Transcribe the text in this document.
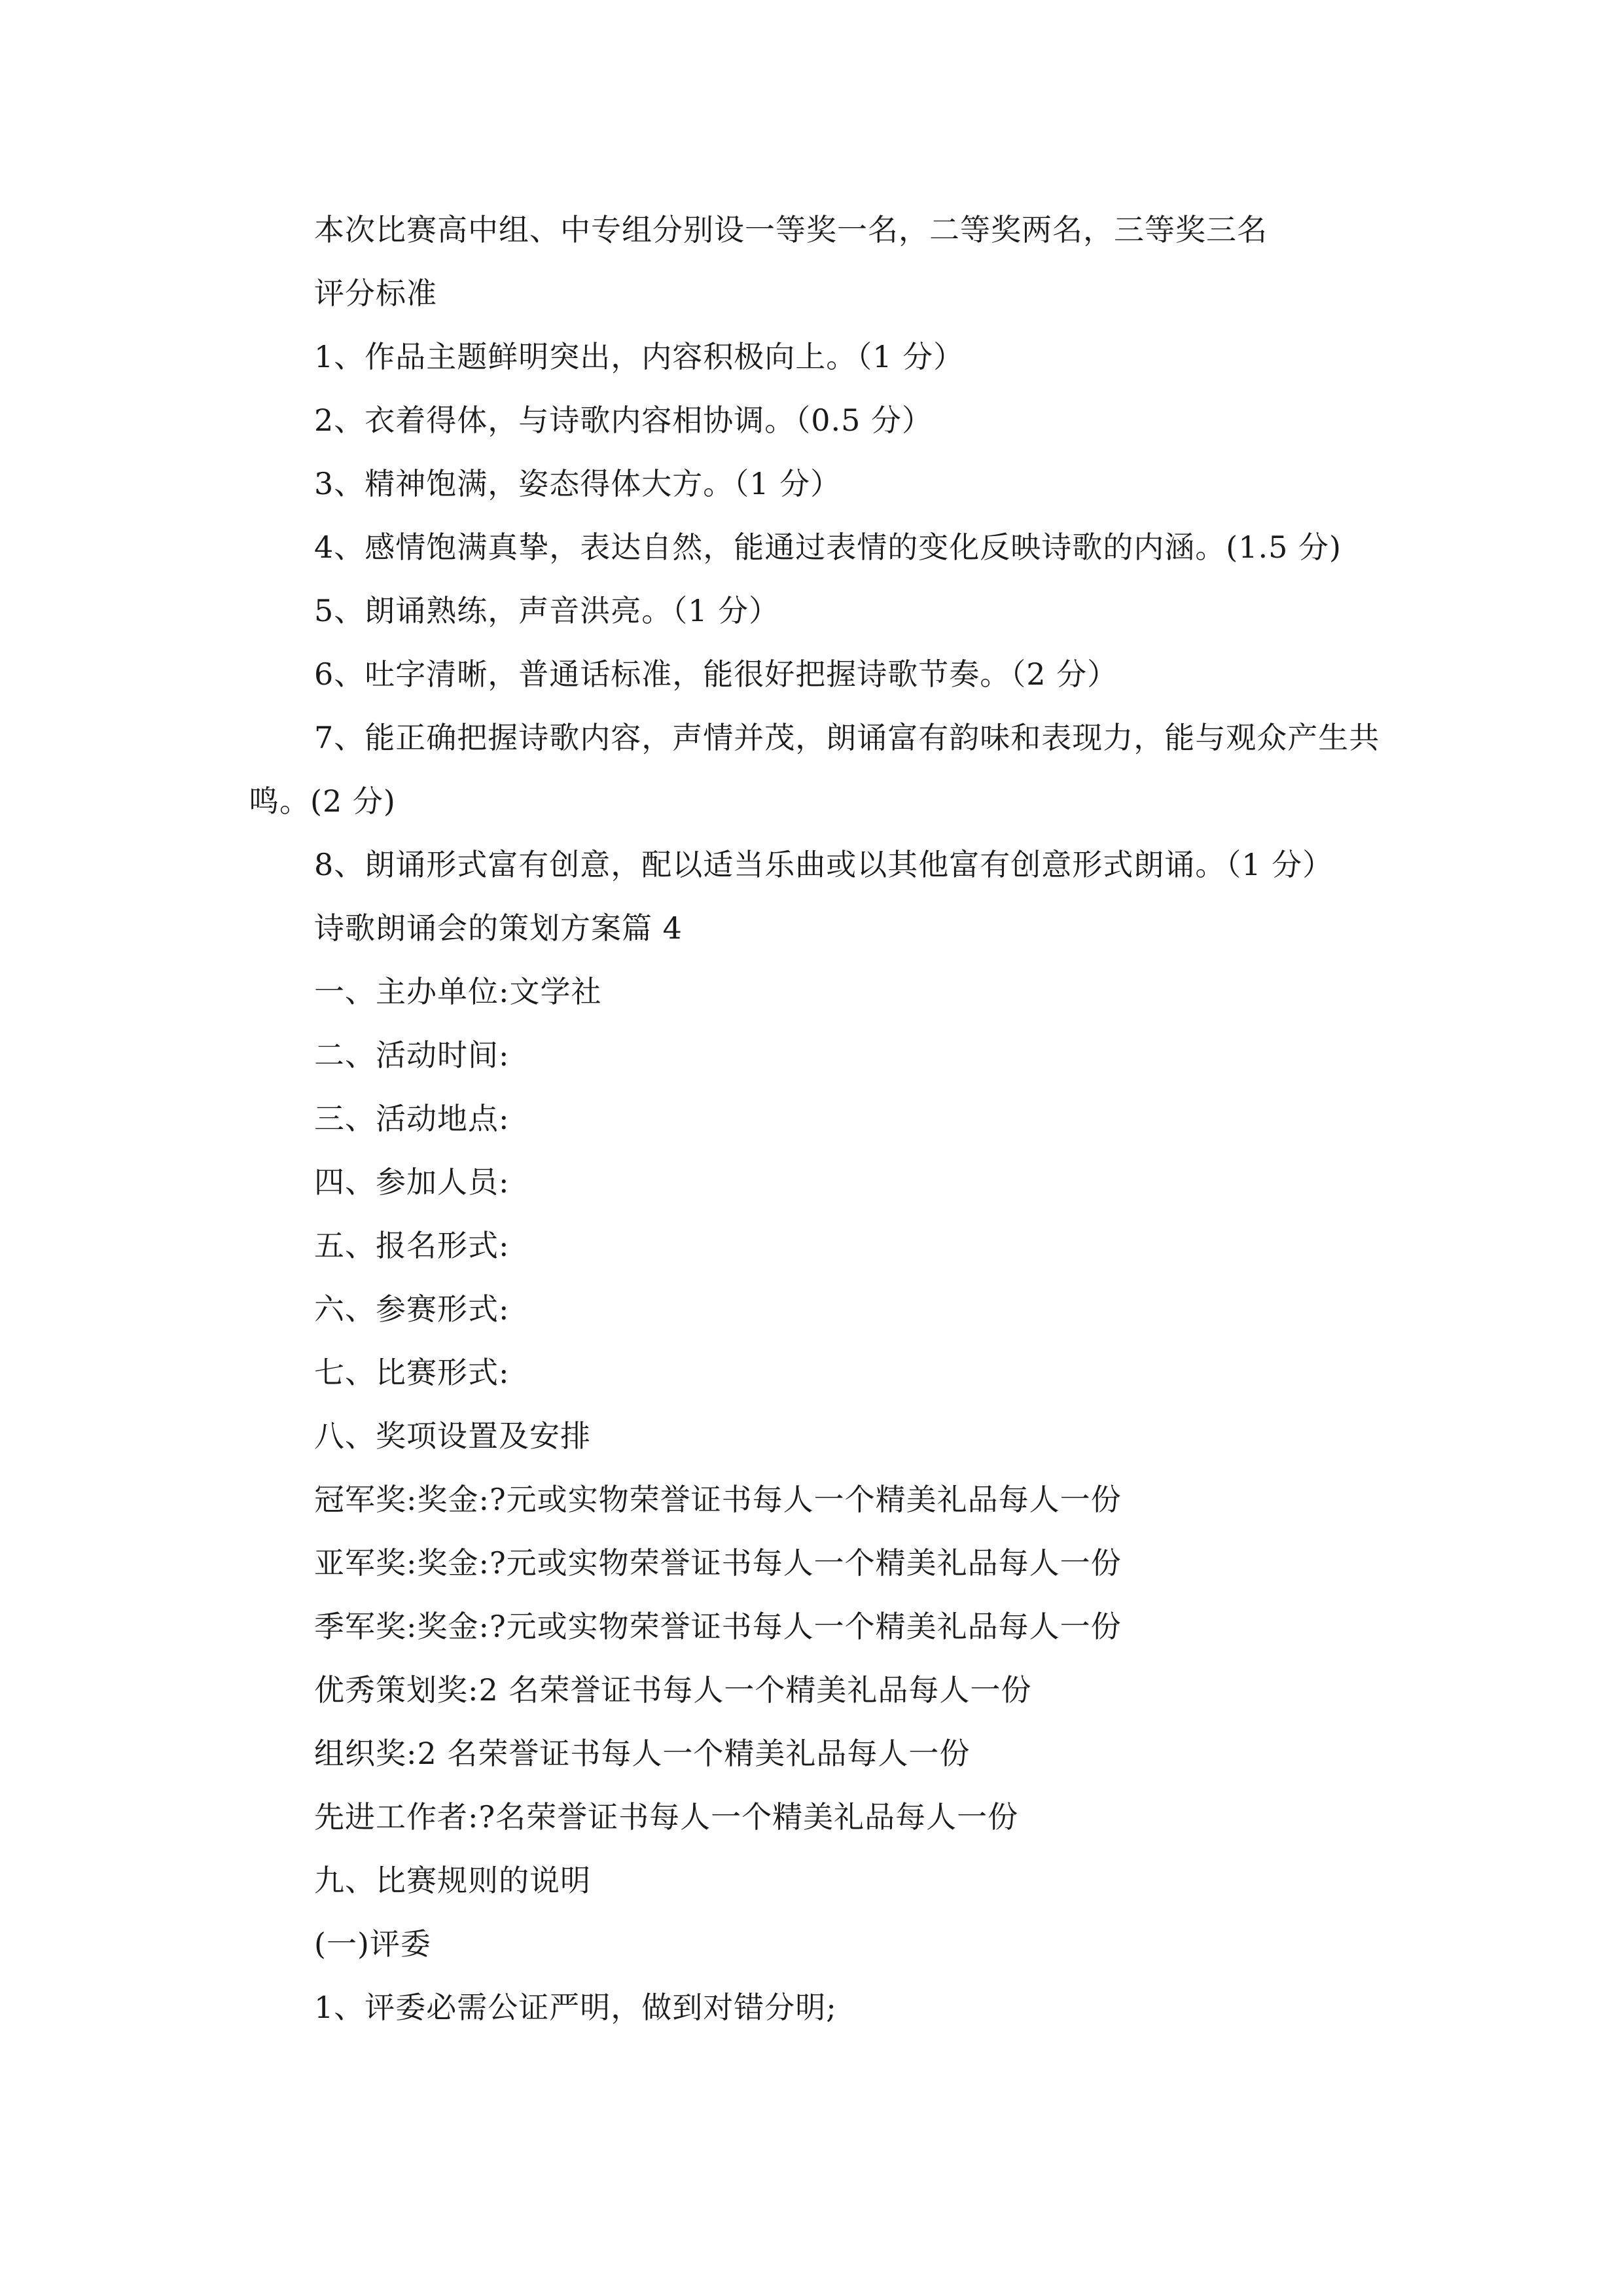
本次比赛高中组、中专组分别设一等奖一名，二等奖两名，三等奖三名

评分标准

1、作品主题鲜明突出，内容积极向上。（1 分）

2、衣着得体，与诗歌内容相协调。（0.5 分）

3、精神饱满，姿态得体大方。（1 分）

4、感情饱满真挚，表达自然，能通过表情的变化反映诗歌的内涵。(1.5 分)

5、朗诵熟练，声音洪亮。（1 分）

6、吐字清晰，普通话标准，能很好把握诗歌节奏。（2 分）

7、能正确把握诗歌内容，声情并茂，朗诵富有韵味和表现力，能与观众产生共鸣。(2 分)

8、朗诵形式富有创意，配以适当乐曲或以其他富有创意形式朗诵。（1 分）

诗歌朗诵会的策划方案篇 4

一、主办单位:文学社

二、活动时间:

三、活动地点:

四、参加人员:

五、报名形式:

六、参赛形式:

七、比赛形式:

八、奖项设置及安排

冠军奖:奖金:?元或实物荣誉证书每人一个精美礼品每人一份

亚军奖:奖金:?元或实物荣誉证书每人一个精美礼品每人一份

季军奖:奖金:?元或实物荣誉证书每人一个精美礼品每人一份

优秀策划奖:2 名荣誉证书每人一个精美礼品每人一份

组织奖:2 名荣誉证书每人一个精美礼品每人一份

先进工作者:?名荣誉证书每人一个精美礼品每人一份

九、比赛规则的说明

(一)评委

1、评委必需公证严明，做到对错分明;
